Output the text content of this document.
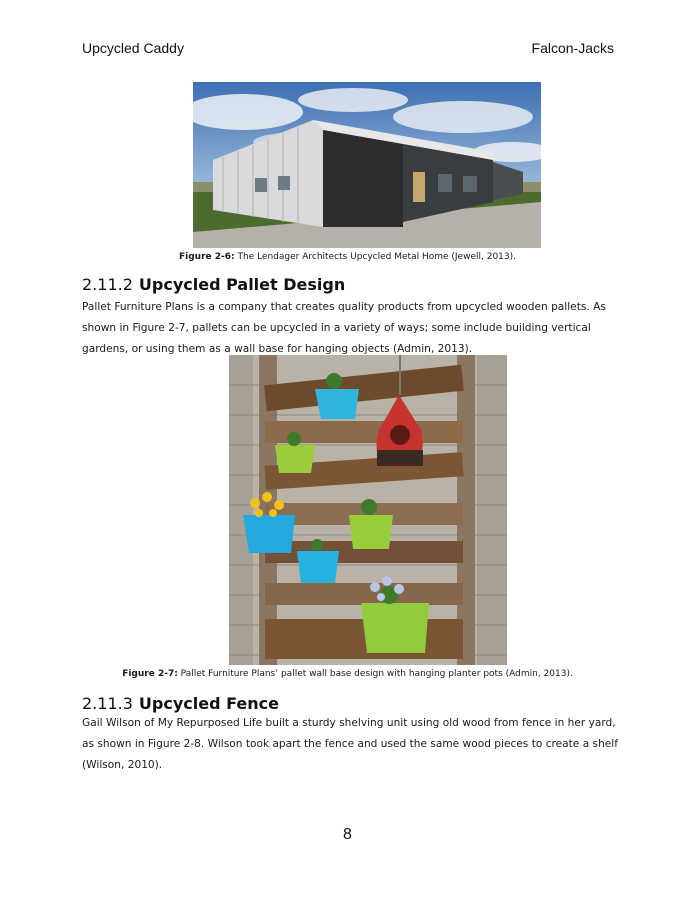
Upcycled Caddy	Falcon-Jacks
Figure 2-6: The Lendager Architects Upcycled Metal Home (Jewell, 2013).
2.11.2 Upcycled Pallet Design
Pallet Furniture Plans is a company that creates quality products from upcycled wooden pallets. As shown in Figure 2-7, pallets can be upcycled in a variety of ways; some include building vertical gardens, or using them as a wall base for hanging objects (Admin, 2013).
Figure 2-7: Pallet Furniture Plans’ pallet wall base design with hanging planter pots (Admin, 2013).
2.11.3 Upcycled Fence
Gail Wilson of My Repurposed Life built a sturdy shelving unit using old wood from fence in her yard, as shown in Figure 2-8. Wilson took apart the fence and used the same wood pieces to create a shelf (Wilson, 2010).
8
